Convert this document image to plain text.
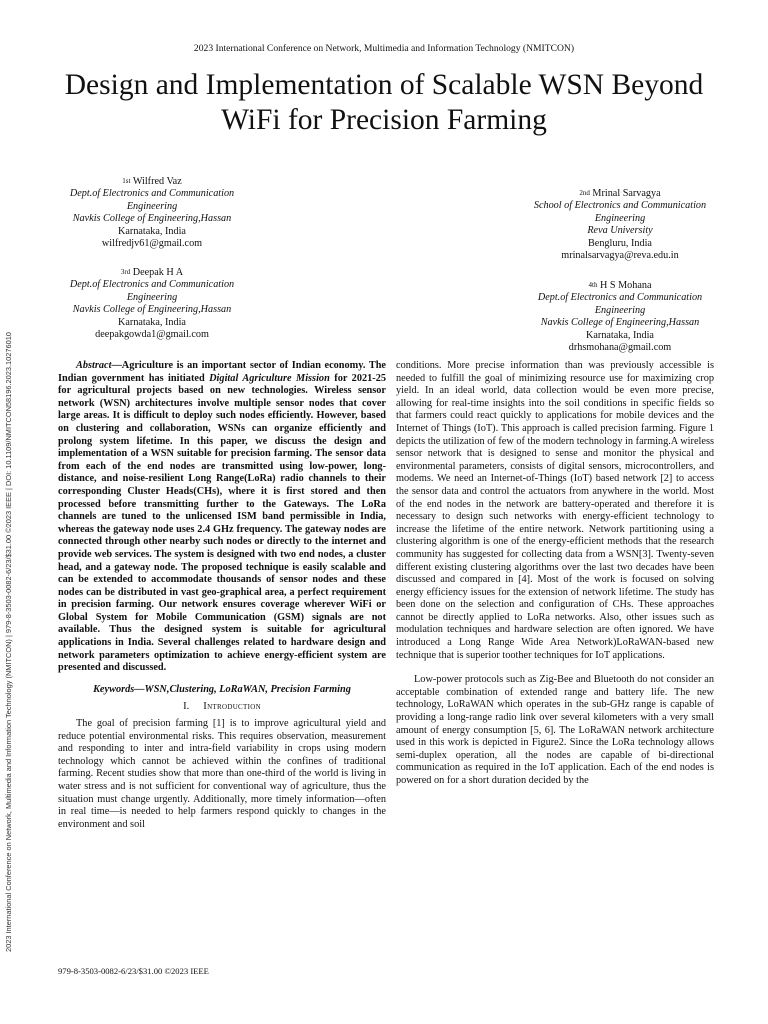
2023 International Conference on Network, Multimedia and Information Technology (NMITCON)
Design and Implementation of Scalable WSN Beyond WiFi for Precision Farming
$^{1st}$ Wilfred Vaz
Dept.of Electronics and Communication Engineering
Navkis College of Engineering,Hassan
Karnataka, India
wilfredjv61@gmail.com
$^{2nd}$ Mrinal Sarvagya
School of Electronics and Communication Engineering
Reva University
Bengluru, India
mrinalsarvagya@reva.edu.in
$^{3rd}$ Deepak H A
Dept.of Electronics and Communication Engineering
Navkis College of Engineering,Hassan
Karnataka, India
deepakgowda1@gmail.com
$^{4th}$ H S Mohana
Dept.of Electronics and Communication Engineering
Navkis College of Engineering,Hassan
Karnataka, India
drhsmohana@gmail.com
2023 International Conference on Network, Multimedia and Information Technology (NMITCON) | 979-8-3503-0082-6/23/$31.00 ©2023 IEEE | DOI: 10.1109/NMITCON58196.2023.10276010	Abstract—Agriculture is an important sector of Indian economy. The Indian government has initiated Digital Agriculture Mission for 2021-25 for agricultural projects based on new technologies. Wireless sensor network (WSN) architectures involve multiple sensor nodes that cover large areas. It is difficult to deploy such nodes efficiently. However, based on clustering and collaboration, WSNs can organize efficiently and prolong system lifetime. In this paper, we discuss the design and implementation of a WSN suitable for precision farming. The sensor data from each of the end nodes are transmitted using low-power, long-distance, and noise-resilient Long Range(LoRa) radio channels to their corresponding Cluster Heads(CHs), where it is first stored and then processed before transmitting further to the Gateways. The LoRa channels are tuned to the unlicensed ISM band permissible in India, whereas the gateway node uses 2.4 GHz frequency. The gateway nodes are connected through other nearby such nodes or directly to the internet and provide web services. The system is designed with two end nodes, a cluster head, and a gateway node. The proposed technique is easily scalable and can be extended to accommodate thousands of sensor nodes and these nodes can be distributed in vast geo-graphical area, a perfect requirement in precision farming. Our network ensures coverage wherever WiFi or Global System for Mobile Communication (GSM) signals are not available. Thus the designed system is suitable for agricultural applications in India. Several challenges related to hardware design and network parameters optimization to achieve energy-efficient system are presented and discussed.

Keywords—WSN,Clustering, LoRaWAN, Precision Farming

I. Introduction

The goal of precision farming [1] is to improve agricultural yield and reduce potential environmental risks. This requires observation, measurement and responding to inter and intra-field variability in crops using modern technology which cannot be achieved within the confines of traditional farming. Recent studies show that more than one-third of the world is living in water stress and is not sufficient for conventional way of agriculture, thus the situation must change urgently. Additionally, more timely information—often in real time—is needed to help farmers respond quickly to changes in the environment and soil

conditions. More precise information than was previously accessible is needed to fulfill the goal of minimizing resource use for maximizing crop yield. In an ideal world, data collection would be even more precise, allowing for real-time insights into the soil conditions in specific fields so that farmers could react quickly to applications for mobile devices and the Internet of Things (IoT). This approach is called precision farming. Figure 1 depicts the utilization of few of the modern technology in farming.A wireless sensor network that is designed to sense and monitor the physical and environmental parameters, consists of digital sensors, microcontrollers, and modems. We need an Internet-of-Things (IoT) based network [2] to access the sensor data and control the actuators from anywhere in the world. Most of the end nodes in the network are battery-operated and therefore it is necessary to design such networks with energy-efficient technology to increase the lifetime of the entire network. Network partitioning using a clustering algorithm is one of the energy-efficient methods that the research community has suggested for collecting data from a WSN[3]. Twenty-seven different existing clustering algorithms over the last two decades have been discussed and compared in [4]. Most of the work is focused on solving energy efficiency issues for the extension of network lifetime. The study has been done on the selection and configuration of CHs. These approaches cannot be directly applied to LoRa networks. Also, other issues such as modulation techniques and hardware selection are often ignored. We have introduced a Long Range Wide Area Network)LoRaWAN-based new technique that is superior toother techniques for IoT applications.

Low-power protocols such as Zig-Bee and Bluetooth do not consider an acceptable combination of extended range and battery life. The new technology, LoRaWAN which operates in the sub-GHz range is capable of providing a long-range radio link over several kilometers with a very small amount of energy consumption [5, 6]. The LoRaWAN network architecture used in this work is depicted in Figure2. Since the LoRa technology allows semi-duplex operation, all the nodes are capable of bi-directional communication as required in the IoT application. Each of the end nodes is powered on for a short duration decided by the

979-8-3503-0082-6/23/$31.00 ©2023 IEEE
